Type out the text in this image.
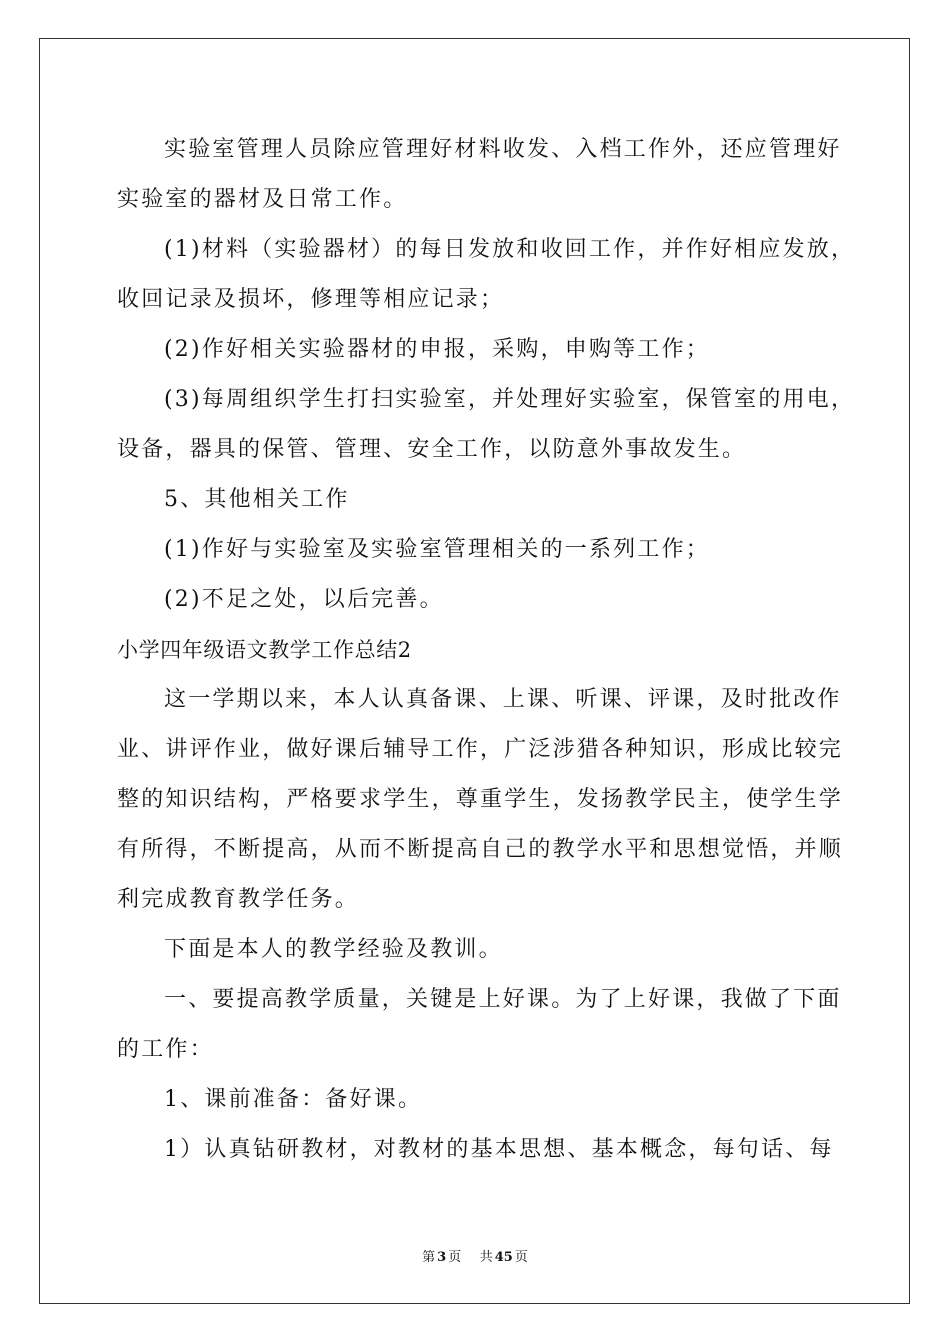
实验室管理人员除应管理好材料收发、入档工作外，还应管理好
实验室的器材及日常工作。
(1)材料（实验器材）的每日发放和收回工作，并作好相应发放，
收回记录及损坏，修理等相应记录；
(2)作好相关实验器材的申报，采购，申购等工作；
(3)每周组织学生打扫实验室，并处理好实验室，保管室的用电，
设备，器具的保管、管理、安全工作，以防意外事故发生。
5、其他相关工作
(1)作好与实验室及实验室管理相关的一系列工作；
(2)不足之处，以后完善。
小学四年级语文教学工作总结2
这一学期以来，本人认真备课、上课、听课、评课，及时批改作
业、讲评作业，做好课后辅导工作，广泛涉猎各种知识，形成比较完
整的知识结构，严格要求学生，尊重学生，发扬教学民主，使学生学
有所得，不断提高，从而不断提高自己的教学水平和思想觉悟，并顺
利完成教育教学任务。
下面是本人的教学经验及教训。
一、要提高教学质量，关键是上好课。为了上好课，我做了下面
的工作：
1、课前准备：备好课。
1）认真钻研教材，对教材的基本思想、基本概念，每句话、每
第 3 页 共 45 页
